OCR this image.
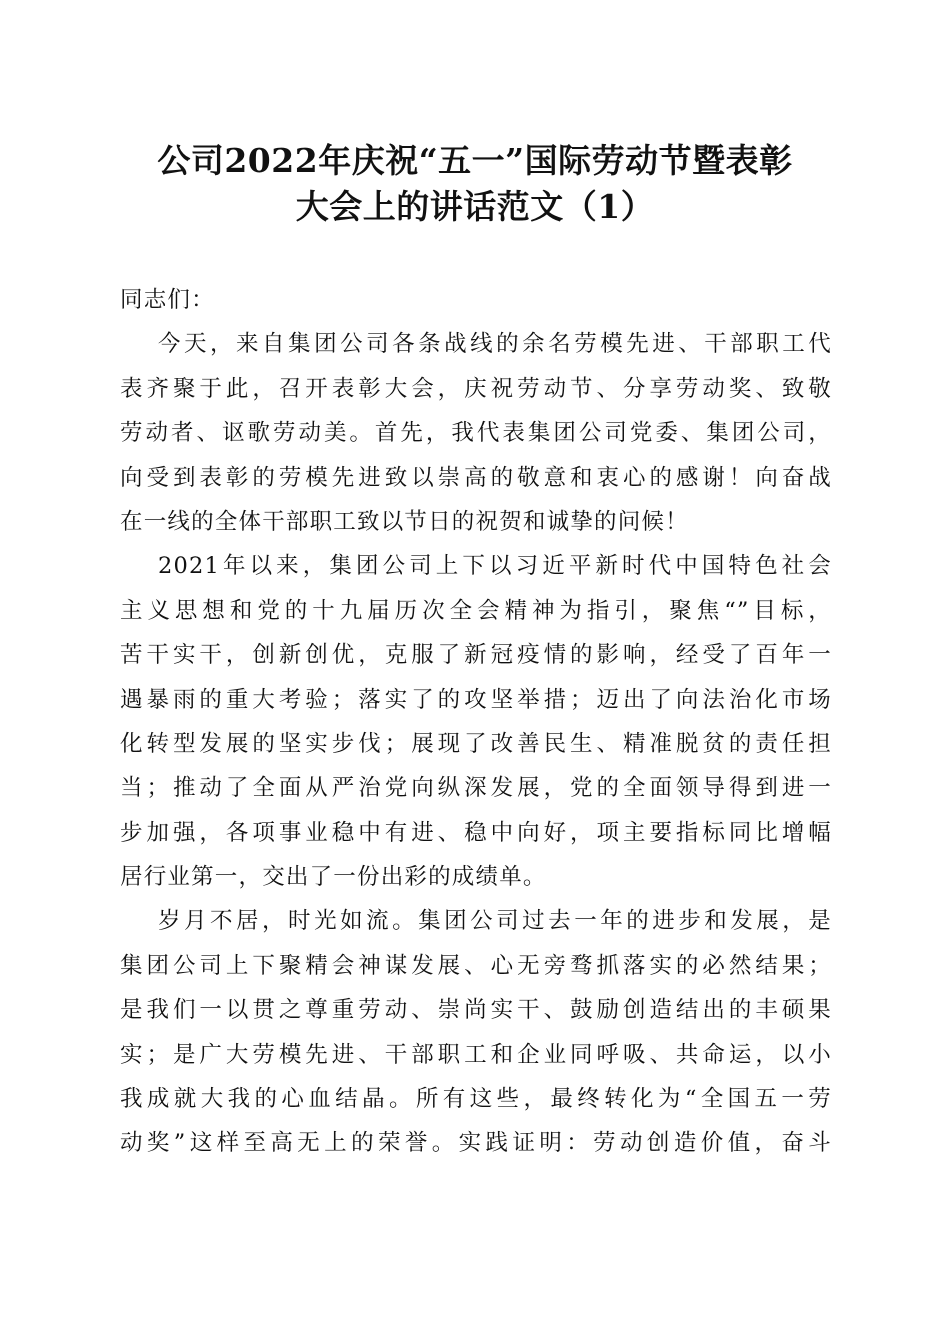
公司2022年庆祝“五一”国际劳动节暨表彰
大会上的讲话范文（1）
同志们：
今天，来自集团公司各条战线的余名劳模先进、干部职工代
表齐聚于此，召开表彰大会，庆祝劳动节、分享劳动奖、致敬
劳动者、讴歌劳动美。首先，我代表集团公司党委、集团公司，
向受到表彰的劳模先进致以崇高的敬意和衷心的感谢！向奋战
在一线的全体干部职工致以节日的祝贺和诚挚的问候！
2021年以来，集团公司上下以习近平新时代中国特色社会
主义思想和党的十九届历次全会精神为指引，聚焦“”目标，
苦干实干，创新创优，克服了新冠疫情的影响，经受了百年一
遇暴雨的重大考验；落实了的攻坚举措；迈出了向法治化市场
化转型发展的坚实步伐；展现了改善民生、精准脱贫的责任担
当；推动了全面从严治党向纵深发展，党的全面领导得到进一
步加强，各项事业稳中有进、稳中向好，项主要指标同比增幅
居行业第一，交出了一份出彩的成绩单。
岁月不居，时光如流。集团公司过去一年的进步和发展，是
集团公司上下聚精会神谋发展、心无旁骛抓落实的必然结果；
是我们一以贯之尊重劳动、崇尚实干、鼓励创造结出的丰硕果
实；是广大劳模先进、干部职工和企业同呼吸、共命运，以小
我成就大我的心血结晶。所有这些，最终转化为“全国五一劳
动奖”这样至高无上的荣誉。实践证明：劳动创造价值，奋斗
